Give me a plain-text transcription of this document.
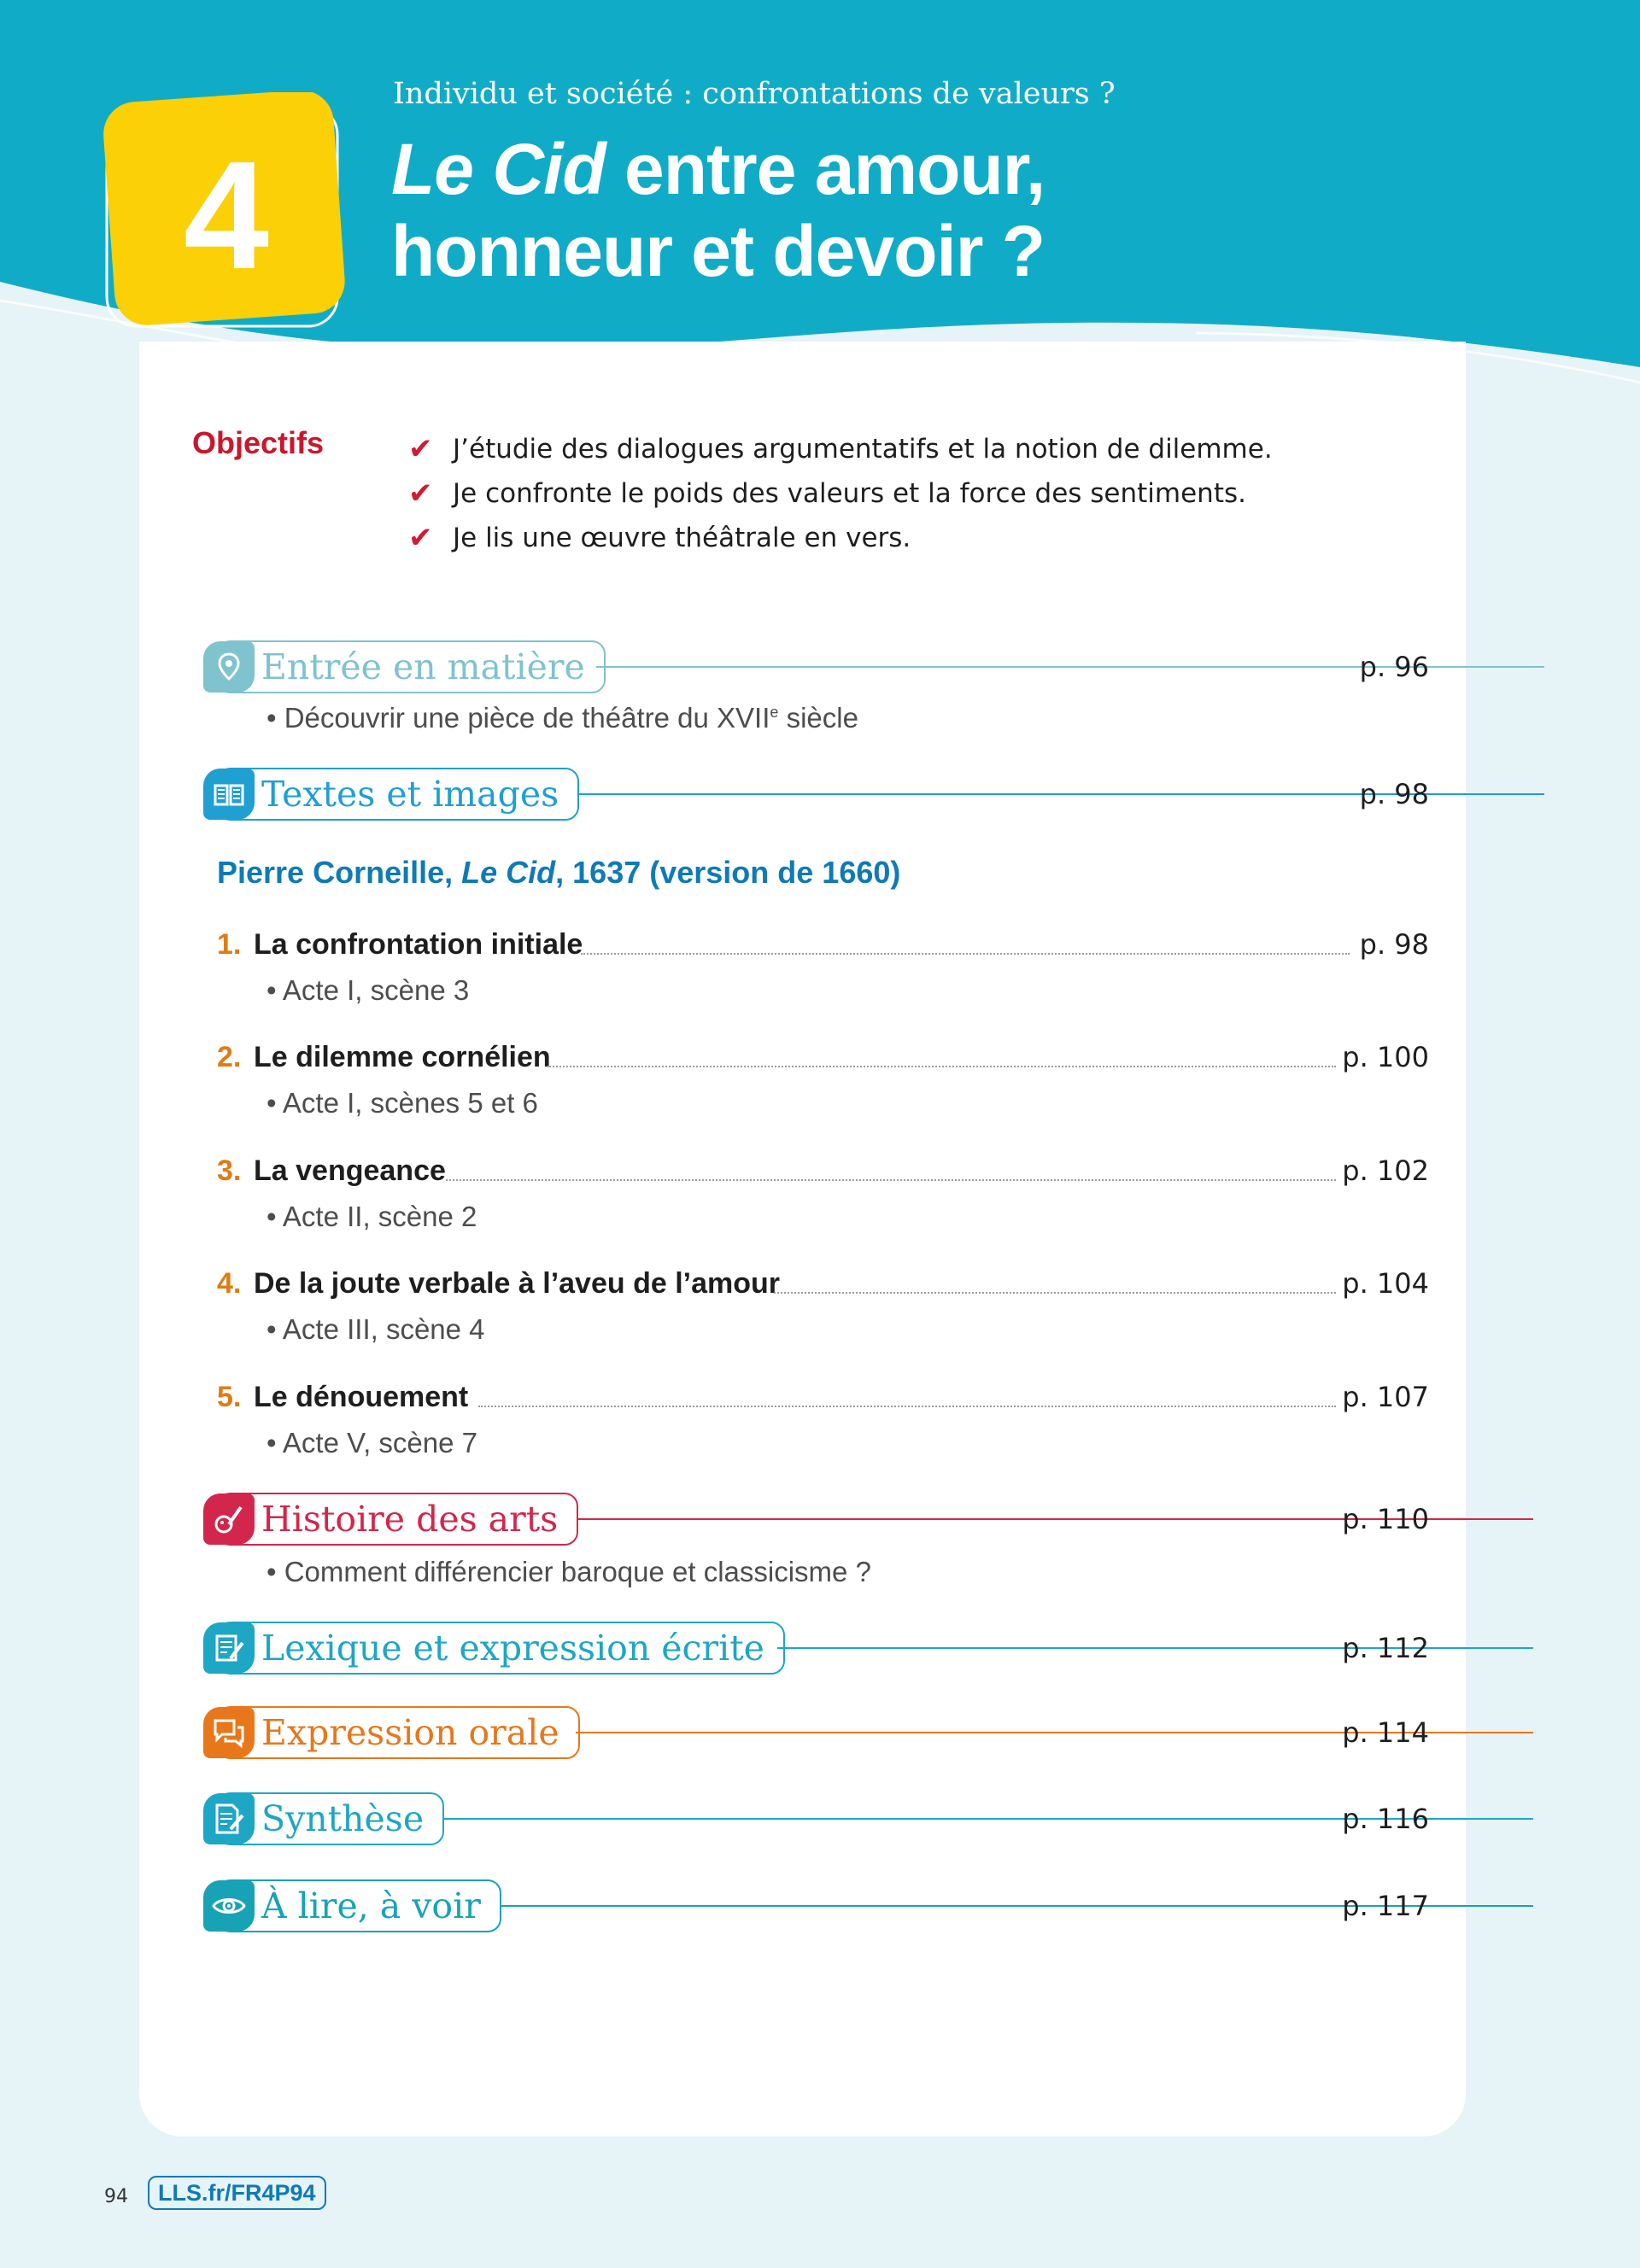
4
Individu et société : confrontations de valeurs ?
Le Cid entre amour,
honneur et devoir ?
Objectifs	✔ J’étudie des dialogues argumentatifs et la notion de dilemme.
✔ Je confronte le poids des valeurs et la force des sentiments.
✔ Je lis une œuvre théâtrale en vers.
Entrée en matière	p. 96
• Découvrir une pièce de théâtre du XVIIe siècle
Textes et images	p. 98
Pierre Corneille, Le Cid, 1637 (version de 1660)
1. La confrontation initiale	p. 98
• Acte I, scène 3
2. Le dilemme cornélien	p. 100
• Acte I, scènes 5 et 6
3. La vengeance	p. 102
• Acte II, scène 2
4. De la joute verbale à l’aveu de l’amour	p. 104
• Acte III, scène 4
5. Le dénouement	p. 107
• Acte V, scène 7
Histoire des arts	p. 110
• Comment différencier baroque et classicisme ?
Lexique et expression écrite	p. 112
Expression orale	p. 114
Synthèse	p. 116
À lire, à voir	p. 117
94	LLS.fr/FR4P94
